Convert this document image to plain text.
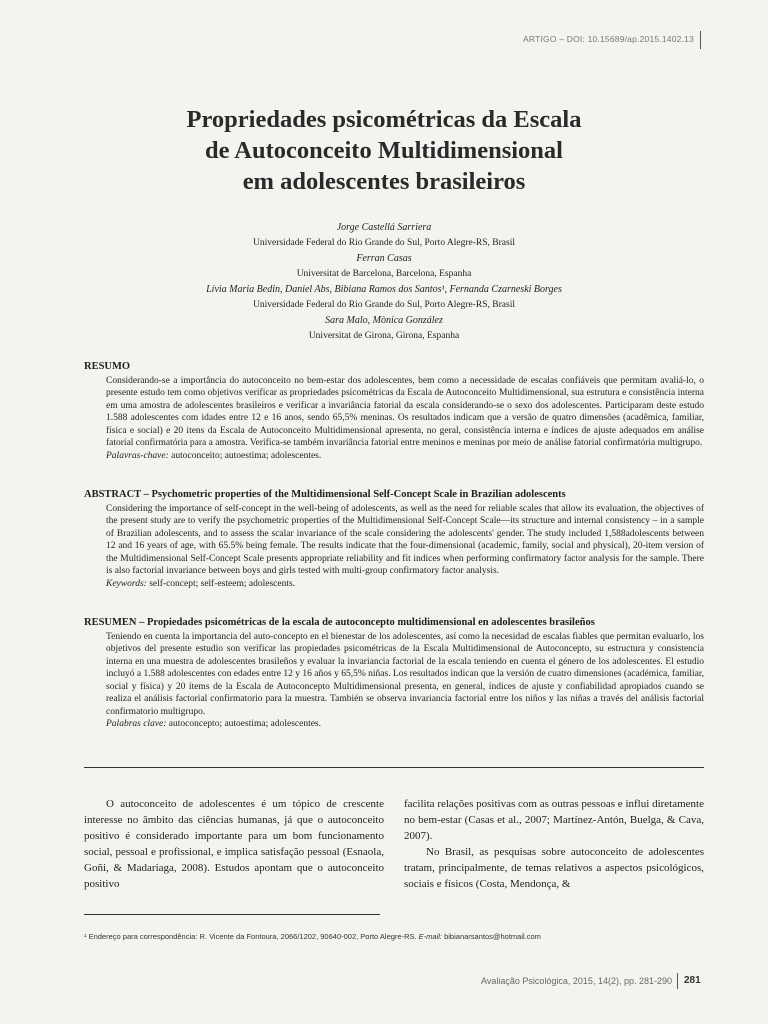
ARTIGO – DOI: 10.15689/ap.2015.1402.13
Propriedades psicométricas da Escala
de Autoconceito Multidimensional
em adolescentes brasileiros
Jorge Castellá Sarriera
Universidade Federal do Rio Grande do Sul, Porto Alegre-RS, Brasil
Ferran Casas
Universitat de Barcelona, Barcelona, Espanha
Lívia Maria Bedin, Daniel Abs, Bibiana Ramos dos Santos¹, Fernanda Czarneski Borges
Universidade Federal do Rio Grande do Sul, Porto Alegre-RS, Brasil
Sara Malo, Mònica González
Universitat de Girona, Girona, Espanha
RESUMO

Considerando-se a importância do autoconceito no bem-estar dos adolescentes, bem como a necessidade de escalas confiáveis que permitam avaliá-lo, o presente estudo tem como objetivos verificar as propriedades psicométricas da Escala de Autoconceito Multidimensional, sua estrutura e consistência interna em uma amostra de adolescentes brasileiros e verificar a invariância fatorial da escala considerando-se o sexo dos adolescentes. Participaram deste estudo 1.588 adolescentes com idades entre 12 e 16 anos, sendo 65,5% meninas. Os resultados indicam que a versão de quatro dimensões (acadêmica, familiar, física e social) e 20 itens da Escala de Autoconceito Multidimensional apresenta, no geral, consistência interna e índices de ajuste adequados em análise fatorial confirmatória para a amostra. Verifica-se também invariância fatorial entre meninos e meninas por meio de análise fatorial confirmatória multigrupo.

Palavras-chave: autoconceito; autoestima; adolescentes.

ABSTRACT – Psychometric properties of the Multidimensional Self-Concept Scale in Brazilian adolescents

Considering the importance of self-concept in the well-being of adolescents, as well as the need for reliable scales that allow its evaluation, the objectives of the present study are to verify the psychometric properties of the Multidimensional Self-Concept Scale—its structure and internal consistency – in a sample of Brazilian adolescents, and to assess the scalar invariance of the scale considering the adolescents' gender. The study included 1,588adolescents between 12 and 16 years of age, with 65.5% being female. The results indicate that the four-dimensional (academic, family, social and physical), 20-item version of the Multidimensional Self-Concept Scale presents appropriate reliability and fit indices when performing confirmatory factor analysis for the sample. There is also factorial invariance between boys and girls tested with multi-group confirmatory factor analysis.

Keywords: self-concept; self-esteem; adolescents.

RESUMEN – Propiedades psicométricas de la escala de autoconcepto multidimensional en adolescentes brasileños

Teniendo en cuenta la importancia del auto-concepto en el bienestar de los adolescentes, así como la necesidad de escalas fiables que permitan evaluarlo, los objetivos del presente estudio son verificar las propiedades psicométricas de la Escala Multidimensional de Autoconcepto, su estructura y consistencia interna en una muestra de adolescentes brasileños y evaluar la invariancia factorial de la escala teniendo en cuenta el género de los adolescentes. El estudio incluyó a 1.588 adolescentes con edades entre 12 y 16 años y 65,5% niñas. Los resultados indican que la versión de cuatro dimensiones (académica, familiar, social y física) y 20 ítems de la Escala de Autoconcepto Multidimensional presenta, en general, índices de ajuste y confiabilidad apropiados cuando se realiza el análisis factorial confirmatorio para la muestra. También se observa invariancia factorial entre los niños y las niñas a través del análisis factorial confirmatorio multigrupo.

Palabras clave: autoconcepto; autoestima; adolescentes.

O autoconceito de adolescentes é um tópico de crescente interesse no âmbito das ciências humanas, já que o autoconceito positivo é considerado importante para um bom funcionamento social, pessoal e profissional, e implica satisfação pessoal (Esnaola, Goñi, & Madariaga, 2008). Estudos apontam que o autoconceito positivo

facilita relações positivas com as outras pessoas e influi diretamente no bem-estar (Casas et al., 2007; Martínez-Antón, Buelga, & Cava, 2007).

No Brasil, as pesquisas sobre autoconceito de adolescentes tratam, principalmente, de temas relativos a aspectos psicológicos, sociais e físicos (Costa, Mendonça, &

¹ Endereço para correspondência: R. Vicente da Fontoura, 2066/1202, 90640-002, Porto Alegre-RS. E-mail: bibianarsantos@hotmail.com
Avaliação Psicológica, 2015, 14(2), pp. 281-290	281
